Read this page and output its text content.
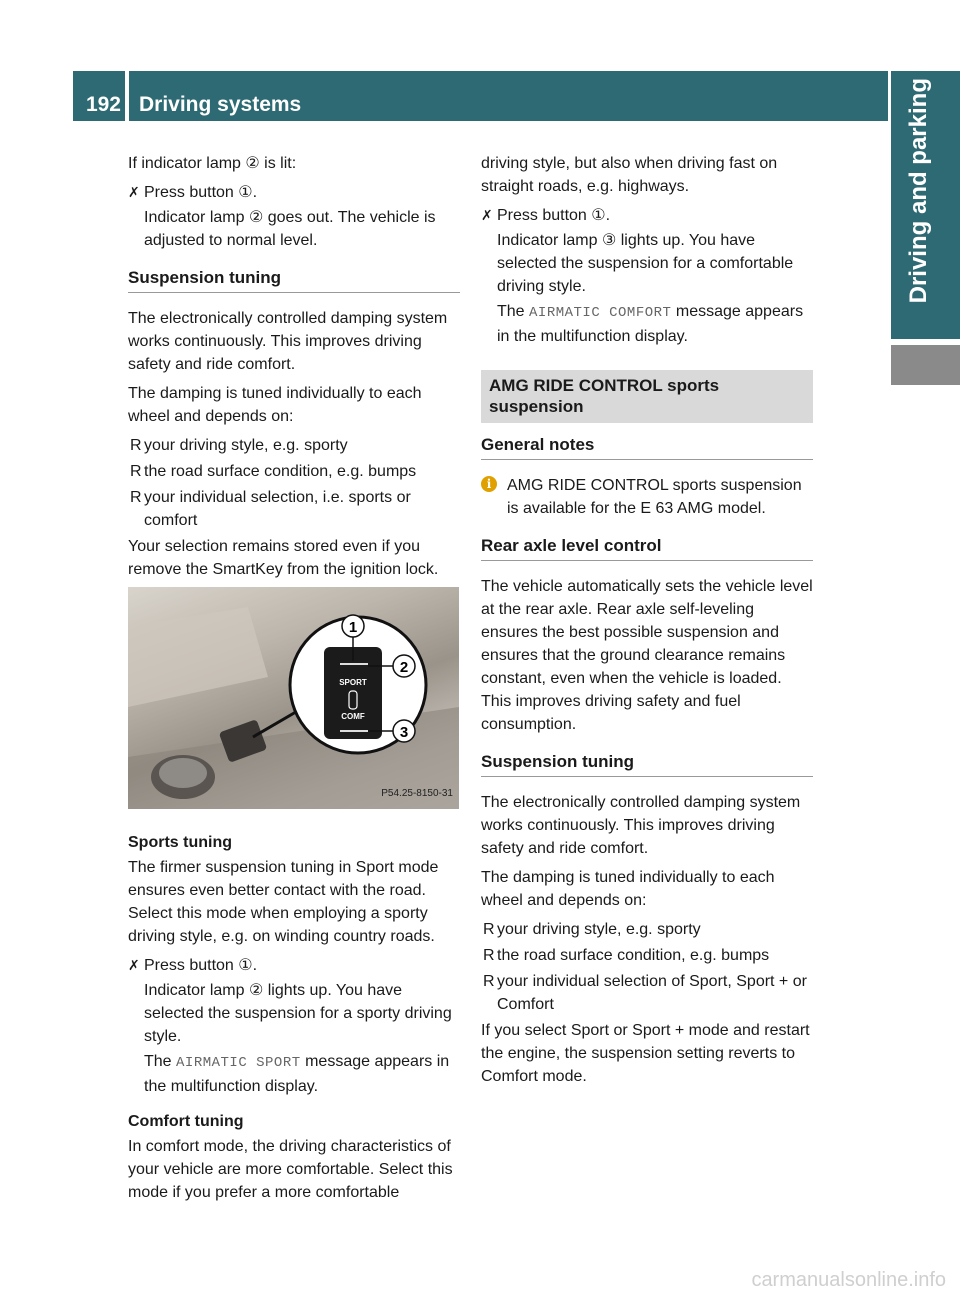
192 Driving systems	Driving and parking

If indicator lamp ② is lit:

✗ Press button ①.
Indicator lamp ② goes out. The vehicle is adjusted to normal level.
Suspension tuning

The electronically controlled damping system works continuously. This improves driving safety and ride comfort.

The damping is tuned individually to each wheel and depends on:

R your driving style, e.g. sporty
R the road surface condition, e.g. bumps
R your individual selection, i.e. sports or comfort

Your selection remains stored even if you remove the SmartKey from the ignition lock.

SPORT
COMF
1
2
3
P54.25-8150-31

Sports tuning

The firmer suspension tuning in Sport mode ensures even better contact with the road. Select this mode when employing a sporty driving style, e.g. on winding country roads.

✗ Press button ①.
Indicator lamp ② lights up. You have selected the suspension for a sporty driving style.
The AIRMATIC SPORT message appears in the multifunction display.

Comfort tuning

In comfort mode, the driving characteristics of your vehicle are more comfortable. Select this mode if you prefer a more comfortable

driving style, but also when driving fast on straight roads, e.g. highways.

✗ Press button ①.
Indicator lamp ③ lights up. You have selected the suspension for a comfortable driving style.
The AIRMATIC COMFORT message appears in the multifunction display.
AMG RIDE CONTROL sports suspension
General notes
i AMG RIDE CONTROL sports suspension is available for the E 63 AMG model.
Rear axle level control

The vehicle automatically sets the vehicle level at the rear axle. Rear axle self-leveling ensures the best possible suspension and ensures that the ground clearance remains constant, even when the vehicle is loaded. This improves driving safety and fuel consumption.

Suspension tuning

The electronically controlled damping system works continuously. This improves driving safety and ride comfort.

The damping is tuned individually to each wheel and depends on:

R your driving style, e.g. sporty
R the road surface condition, e.g. bumps
R your individual selection of Sport, Sport + or Comfort

If you select Sport or Sport + mode and restart the engine, the suspension setting reverts to Comfort mode.

carmanualsonline.info
